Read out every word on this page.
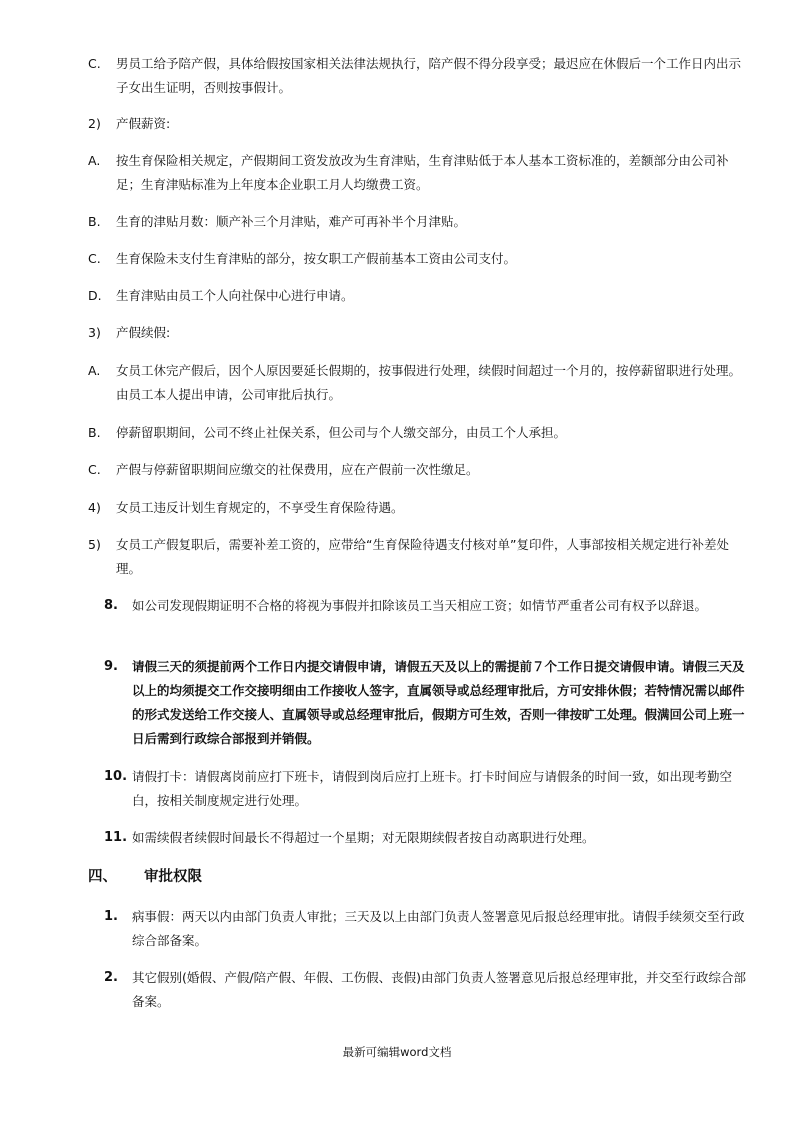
C. 男员工给予陪产假，具体给假按国家相关法律法规执行，陪产假不得分段享受；最迟应在休假后一个工作日内出示子女出生证明，否则按事假计。
2) 产假薪资:
A. 按生育保险相关规定，产假期间工资发放改为生育津贴，生育津贴低于本人基本工资标准的，差额部分由公司补足；生育津贴标准为上年度本企业职工月人均缴费工资。
B. 生育的津贴月数：顺产补三个月津贴，难产可再补半个月津贴。
C. 生育保险未支付生育津贴的部分，按女职工产假前基本工资由公司支付。
D. 生育津贴由员工个人向社保中心进行申请。
3) 产假续假:
A. 女员工休完产假后，因个人原因要延长假期的，按事假进行处理，续假时间超过一个月的，按停薪留职进行处理。由员工本人提出申请，公司审批后执行。
B. 停薪留职期间，公司不终止社保关系，但公司与个人缴交部分，由员工个人承担。
C. 产假与停薪留职期间应缴交的社保费用，应在产假前一次性缴足。
4) 女员工违反计划生育规定的，不享受生育保险待遇。
5) 女员工产假复职后，需要补差工资的，应带给“生育保险待遇支付核对单”复印件，人事部按相关规定进行补差处理。
8. 如公司发现假期证明不合格的将视为事假并扣除该员工当天相应工资；如情节严重者公司有权予以辞退。
9. 请假三天的须提前两个工作日内提交请假申请，请假五天及以上的需提前７个工作日提交请假申请。请假三天及以上的均须提交工作交接明细由工作接收人签字，直属领导或总经理审批后，方可安排休假；若特情况需以邮件的形式发送给工作交接人、直属领导或总经理审批后，假期方可生效，否则一律按旷工处理。假满回公司上班一日后需到行政综合部报到并销假。
10. 请假打卡：请假离岗前应打下班卡，请假到岗后应打上班卡。打卡时间应与请假条的时间一致，如出现考勤空白，按相关制度规定进行处理。
11. 如需续假者续假时间最长不得超过一个星期；对无限期续假者按自动离职进行处理。
四、 审批权限
1. 病事假：两天以内由部门负责人审批；三天及以上由部门负责人签署意见后报总经理审批。请假手续须交至行政综合部备案。
2. 其它假别(婚假、产假/陪产假、年假、工伤假、丧假)由部门负责人签署意见后报总经理审批，并交至行政综合部备案。
最新可编辑word文档
